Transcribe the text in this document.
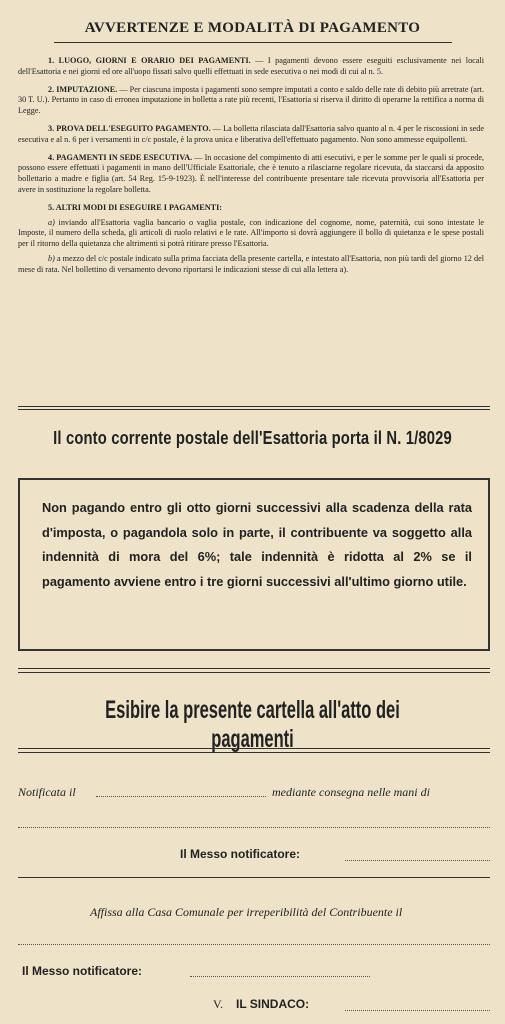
AVVERTENZE E MODALITÀ DI PAGAMENTO

1. LUOGO, GIORNI E ORARIO DEI PAGAMENTI. — I pagamenti devono essere eseguiti esclusivamente nei locali dell'Esattoria e nei giorni ed ore all'uopo fissati salvo quelli effettuati in sede esecutiva o nei modi di cui al n. 5.

2. IMPUTAZIONE. — Per ciascuna imposta i pagamenti sono sempre imputati a conto e saldo delle rate di debito più arretrate (art. 30 T. U.). Pertanto in caso di erronea imputazione in bolletta a rate più recenti, l'Esattoria si riserva il diritto di operarne la rettifica a norma di Legge.

3. PROVA DELL'ESEGUITO PAGAMENTO. — La bolletta rilasciata dall'Esattoria salvo quanto al n. 4 per le riscossioni in sede esecutiva e al n. 6 per i versamenti in c/c postale, è la prova unica e liberativa dell'effettuato pagamento. Non sono ammesse equipollenti.

4. PAGAMENTI IN SEDE ESECUTIVA. — In occasione del compimento di atti esecutivi, e per le somme per le quali si procede, possono essere effettuati i pagamenti in mano dell'Ufficiale Esattoriale, che è tenuto a rilasciarne regolare ricevuta, da staccarsi da apposito bollettario a madre e figlia (art. 54 Reg. 15-9-1923). È nell'interesse del contribuente presentare tale ricevuta provvisoria all'Esattoria per avere in sostituzione la regolare bolletta.

5. ALTRI MODI DI ESEGUIRE I PAGAMENTI:

a) inviando all'Esattoria vaglia bancario o vaglia postale, con indicazione del cognome, nome, paternità, cui sono intestate le Imposte, il numero della scheda, gli articoli di ruolo relativi e le rate. All'importo si dovrà aggiungere il bollo di quietanza e le spese postali per il ritorno della quietanza che altrimenti si potrà ritirare presso l'Esattoria.

b) a mezzo del c/c postale indicato sulla prima facciata della presente cartella, e intestato all'Esattoria, non più tardi del giorno 12 del mese di rata. Nel bollettino di versamento devono riportarsi le indicazioni stesse di cui alla lettera a).

Il conto corrente postale dell'Esattoria porta il N. 1/8029
Non pagando entro gli otto giorni successivi alla scadenza della rata d'imposta, o pagandola solo in parte, il contribuente va soggetto alla indennità di mora del 6%; tale indennità è ridotta al 2% se il pagamento avviene entro i tre giorni successivi all'ultimo giorno utile.
Esibire la presente cartella all'atto dei pagamenti
Notificata il	mediante consegna nelle mani di
Il Messo notificatore:
Affissa alla Casa Comunale per irreperibilità del Contribuente il
Il Messo notificatore:
V. IL SINDACO:
